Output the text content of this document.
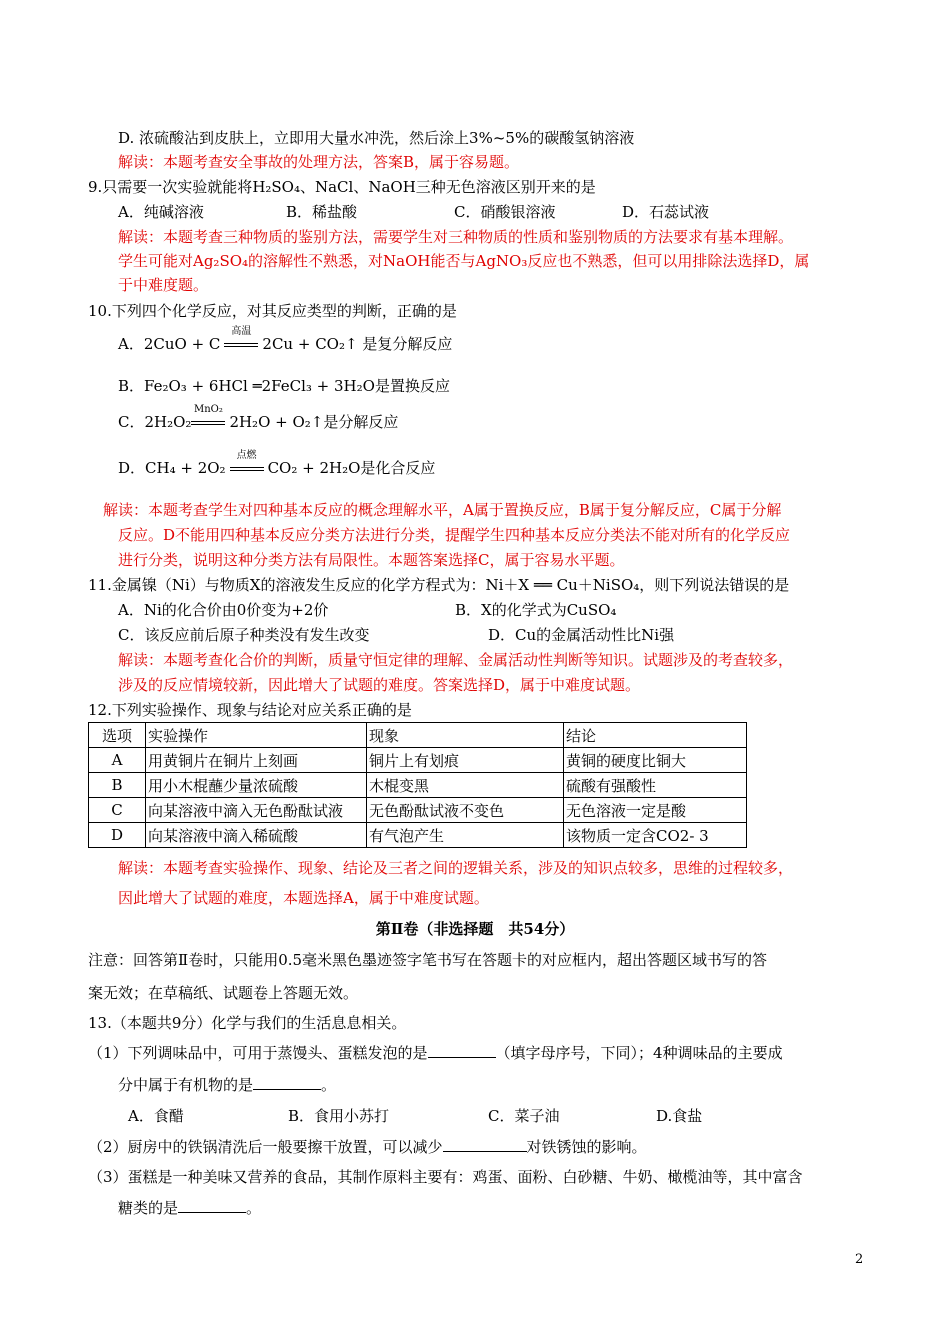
D. 浓硫酸沾到皮肤上，立即用大量水冲洗，然后涂上3%~5%的碳酸氢钠溶液
解读：本题考查安全事故的处理方法，答案B，属于容易题。
9.只需要一次实验就能将H₂SO₄、NaCl、NaOH三种无色溶液区别开来的是
A．纯碱溶液	B．稀盐酸	C．硝酸银溶液	D．石蕊试液
解读：本题考查三种物质的鉴别方法，需要学生对三种物质的性质和鉴别物质的方法要求有基本理解。
学生可能对Ag₂SO₄的溶解性不熟悉，对NaOH能否与AgNO₃反应也不熟悉，但可以用排除法选择D，属
于中难度题。
10.下列四个化学反应，对其反应类型的判断，正确的是
A．2CuO + C
高温
2Cu + CO₂↑ 是复分解反应
B．Fe₂O₃ + 6HCl ═2FeCl₃ + 3H₂O是置换反应
C．2H₂O₂
MnO₂
2H₂O + O₂↑是分解反应
D．CH₄ + 2O₂
点燃
CO₂ + 2H₂O是化合反应
解读：本题考查学生对四种基本反应的概念理解水平，A属于置换反应，B属于复分解反应，C属于分解
反应。D不能用四种基本反应分类方法进行分类，提醒学生四种基本反应分类法不能对所有的化学反应
进行分类，说明这种分类方法有局限性。本题答案选择C，属于容易水平题。
11.金属镍（Ni）与物质X的溶液发生反应的化学方程式为：Ni＋X ══ Cu＋NiSO₄，则下列说法错误的是
A．Ni的化合价由0价变为+2价	B．X的化学式为CuSO₄
C．该反应前后原子种类没有发生改变	D．Cu的金属活动性比Ni强
解读：本题考查化合价的判断，质量守恒定律的理解、金属活动性判断等知识。试题涉及的考查较多，
涉及的反应情境较新，因此增大了试题的难度。答案选择D，属于中难度试题。
12.下列实验操作、现象与结论对应关系正确的是
选项	实验操作	现象	结论
A	用黄铜片在铜片上刻画	铜片上有划痕	黄铜的硬度比铜大
B	用小木棍蘸少量浓硫酸	木棍变黑	硫酸有强酸性
C	向某溶液中滴入无色酚酞试液	无色酚酞试液不变色	无色溶液一定是酸
D	向某溶液中滴入稀硫酸	有气泡产生	该物质一定含CO2- 3
解读：本题考查实验操作、现象、结论及三者之间的逻辑关系，涉及的知识点较多，思维的过程较多，
因此增大了试题的难度，本题选择A，属于中难度试题。
第Ⅱ卷（非选择题　共54分）
注意：回答第Ⅱ卷时，只能用0.5毫米黑色墨迹签字笔书写在答题卡的对应框内，超出答题区域书写的答
案无效；在草稿纸、试题卷上答题无效。
13.（本题共9分）化学与我们的生活息息相关。
（1）下列调味品中，可用于蒸馒头、蛋糕发泡的是	（填字母序号，下同）；4种调味品的主要成
分中属于有机物的是	。
A．食醋	B．食用小苏打	C．菜子油	D.食盐
（2）厨房中的铁锅清洗后一般要擦干放置，可以减少	对铁锈蚀的影响。
（3）蛋糕是一种美味又营养的食品，其制作原料主要有：鸡蛋、面粉、白砂糖、牛奶、橄榄油等，其中富含
糖类的是	。
2
